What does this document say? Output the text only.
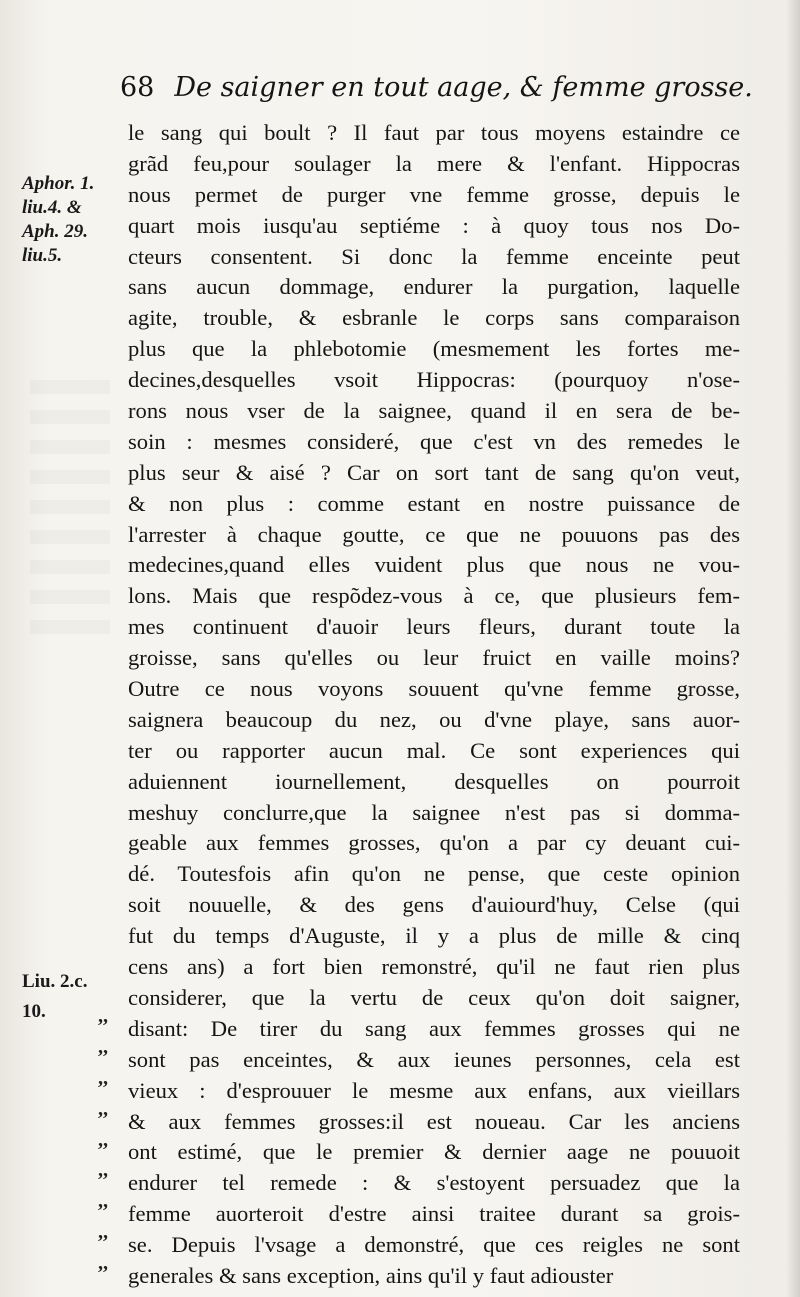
68 De saigner en tout aage, & femme grosse.
Aphor. 1.
liu.4. &
Aph. 29.
liu.5.
Liu. 2.c.
10.	,,
,,
,,
,,
,,
,,
,,
,,
,,
le sang qui boult ? Il faut par tous moyens estaindre ce
grãd feu,pour soulager la mere & l'enfant. Hippocras
nous permet de purger vne femme grosse, depuis le
quart mois iusqu'au septiéme : à quoy tous nos Do-
cteurs consentent. Si donc la femme enceinte peut
sans aucun dommage, endurer la purgation, laquelle
agite, trouble, & esbranle le corps sans comparaison
plus que la phlebotomie (mesmement les fortes me-
decines,desquelles vsoit Hippocras: (pourquoy n'ose-
rons nous vser de la saignee, quand il en sera de be-
soin : mesmes consideré, que c'est vn des remedes le
plus seur & aisé ? Car on sort tant de sang qu'on veut,
& non plus : comme estant en nostre puissance de
l'arrester à chaque goutte, ce que ne pouuons pas des
medecines,quand elles vuident plus que nous ne vou-
lons. Mais que respõdez-vous à ce, que plusieurs fem-
mes continuent d'auoir leurs fleurs, durant toute la
groisse, sans qu'elles ou leur fruict en vaille moins?
Outre ce nous voyons souuent qu'vne femme grosse,
saignera beaucoup du nez, ou d'vne playe, sans auor-
ter ou rapporter aucun mal. Ce sont experiences qui
aduiennent iournellement, desquelles on pourroit
meshuy conclurre,que la saignee n'est pas si domma-
geable aux femmes grosses, qu'on a par cy deuant cui-
dé. Toutesfois afin qu'on ne pense, que ceste opinion
soit nouuelle, & des gens d'auiourd'huy, Celse (qui
fut du temps d'Auguste, il y a plus de mille & cinq
cens ans) a fort bien remonstré, qu'il ne faut rien plus
considerer, que la vertu de ceux qu'on doit saigner,
disant: De tirer du sang aux femmes grosses qui ne
sont pas enceintes, & aux ieunes personnes, cela est
vieux : d'esprouuer le mesme aux enfans, aux vieillars
& aux femmes grosses:il est noueau. Car les anciens
ont estimé, que le premier & dernier aage ne pouuoit
endurer tel remede : & s'estoyent persuadez que la
femme auorteroit d'estre ainsi traitee durant sa grois-
se. Depuis l'vsage a demonstré, que ces reigles ne sont
generales & sans exception, ains qu'il y faut adiouster
